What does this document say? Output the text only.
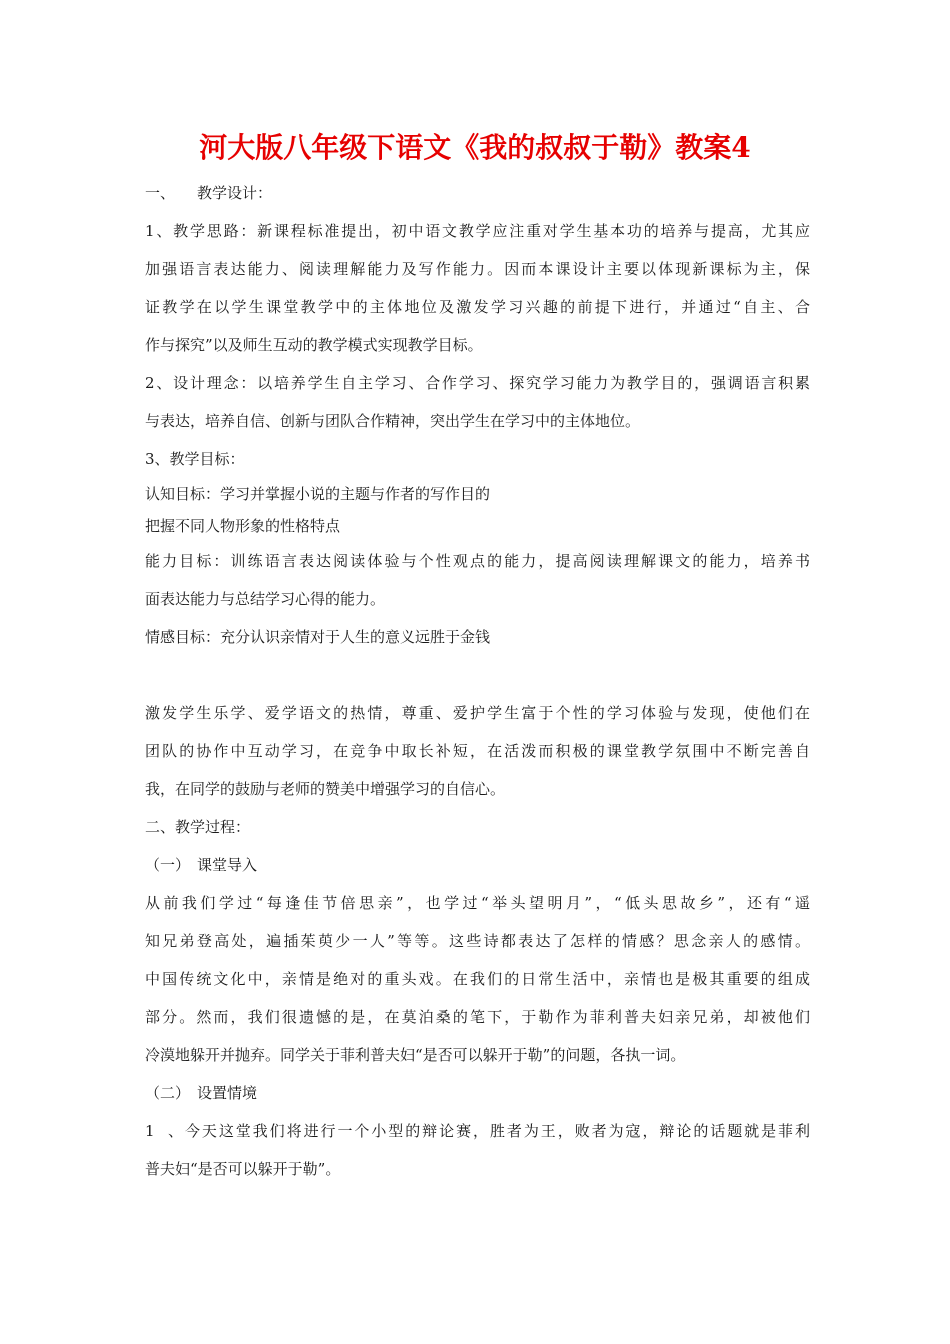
河大版八年级下语文《我的叔叔于勒》教案4

一、 教学设计：

1、教学思路：新课程标准提出，初中语文教学应注重对学生基本功的培养与提高，尤其应

加强语言表达能力、阅读理解能力及写作能力。因而本课设计主要以体现新课标为主，保

证教学在以学生课堂教学中的主体地位及激发学习兴趣的前提下进行，并通过“自主、合

作与探究”以及师生互动的教学模式实现教学目标。

2、设计理念：以培养学生自主学习、合作学习、探究学习能力为教学目的，强调语言积累

与表达，培养自信、创新与团队合作精神，突出学生在学习中的主体地位。

3、教学目标：

认知目标：学习并掌握小说的主题与作者的写作目的

把握不同人物形象的性格特点

能力目标：训练语言表达阅读体验与个性观点的能力，提高阅读理解课文的能力，培养书

面表达能力与总结学习心得的能力。

情感目标：充分认识亲情对于人生的意义远胜于金钱

激发学生乐学、爱学语文的热情，尊重、爱护学生富于个性的学习体验与发现，使他们在

团队的协作中互动学习，在竞争中取长补短，在活泼而积极的课堂教学氛围中不断完善自

我，在同学的鼓励与老师的赞美中增强学习的自信心。

二、教学过程：

（一） 课堂导入

从前我们学过“每逢佳节倍思亲”，也学过“举头望明月”，“低头思故乡”，还有“遥

知兄弟登高处，遍插茱萸少一人”等等。这些诗都表达了怎样的情感？思念亲人的感情。

中国传统文化中，亲情是绝对的重头戏。在我们的日常生活中，亲情也是极其重要的组成

部分。然而，我们很遗憾的是，在莫泊桑的笔下，于勒作为菲利普夫妇亲兄弟，却被他们

冷漠地躲开并抛弃。同学关于菲利普夫妇“是否可以躲开于勒”的问题，各执一词。

（二） 设置情境

1、今天这堂我们将进行一个小型的辩论赛，胜者为王，败者为寇，辩论的话题就是菲利

普夫妇“是否可以躲开于勒”。
